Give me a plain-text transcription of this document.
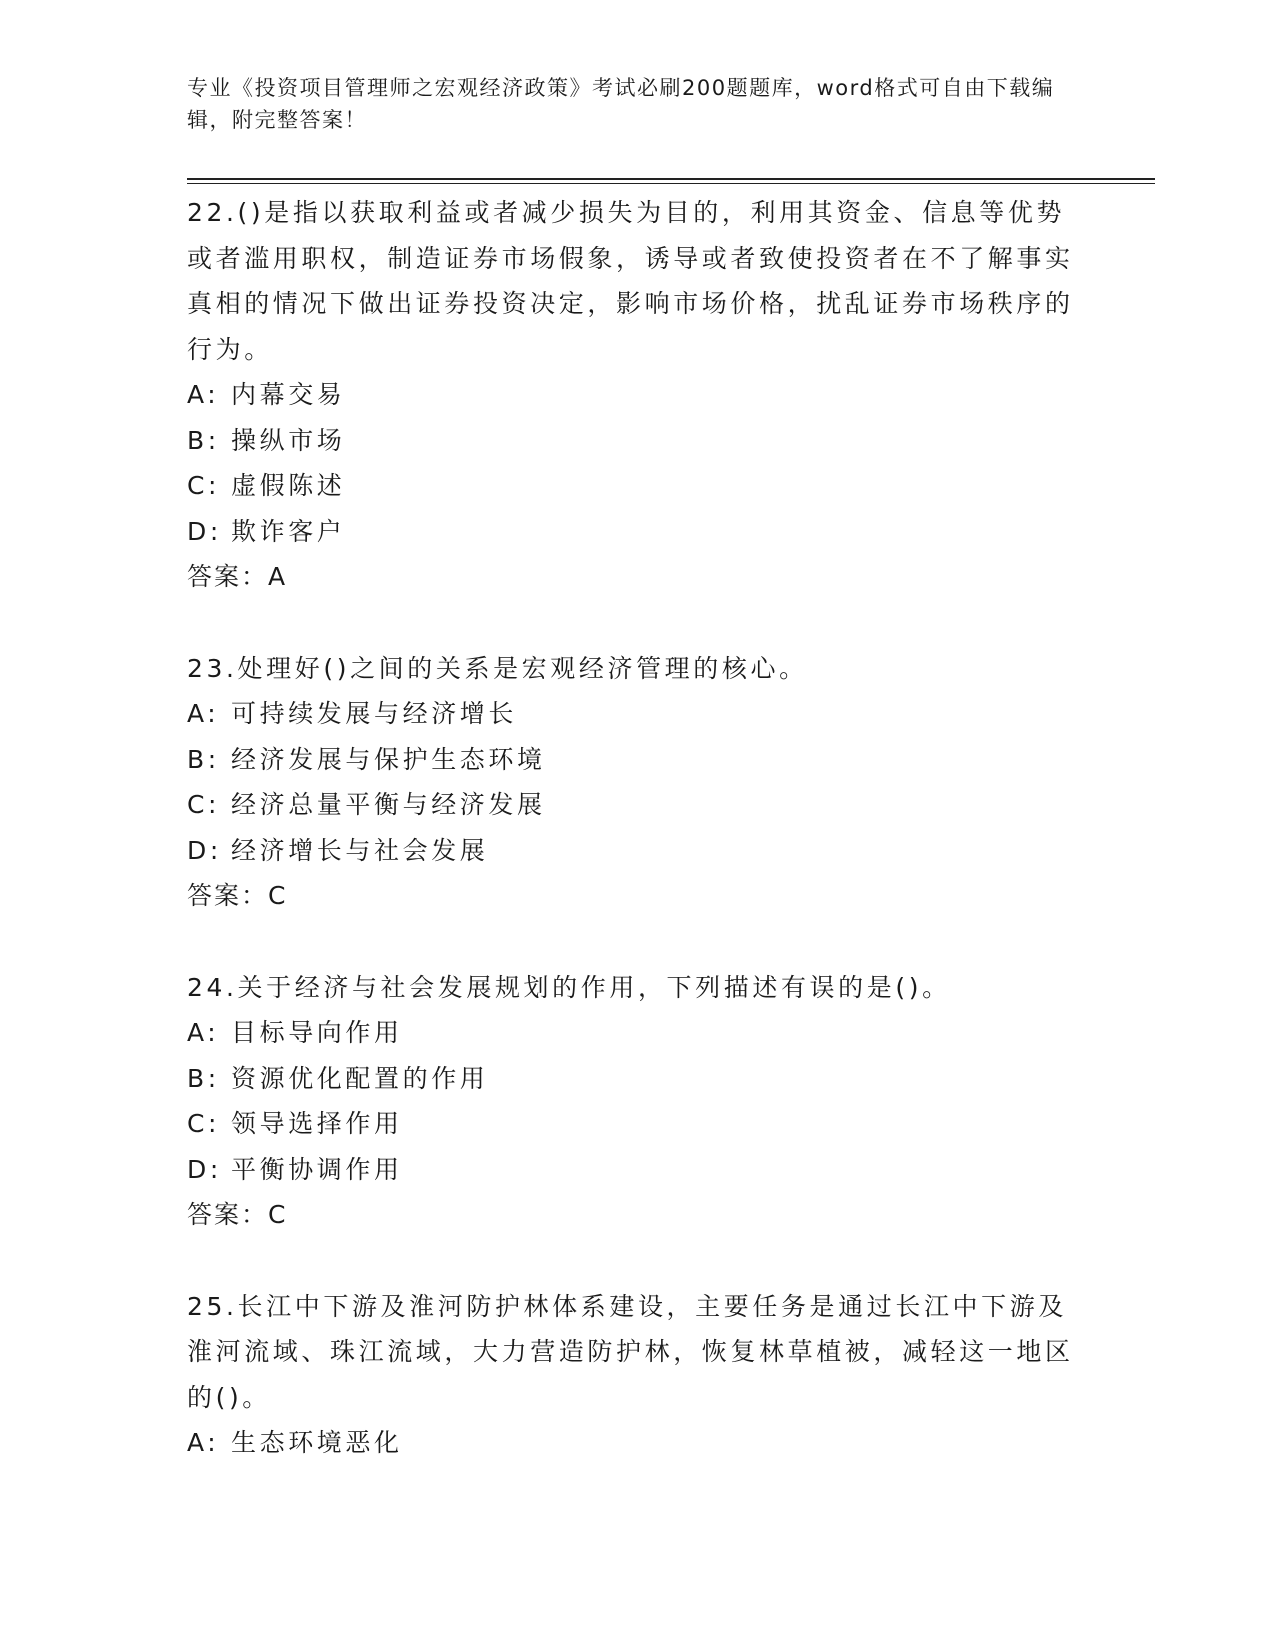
专业《投资项目管理师之宏观经济政策》考试必刷200题题库，word格式可自由下载编辑，附完整答案！
22.()是指以获取利益或者减少损失为目的，利用其资金、信息等优势或者滥用职权，制造证券市场假象，诱导或者致使投资者在不了解事实真相的情况下做出证券投资决定，影响市场价格，扰乱证券市场秩序的行为。
A: 内幕交易
B: 操纵市场
C: 虚假陈述
D: 欺诈客户
答案：A
23.处理好()之间的关系是宏观经济管理的核心。
A: 可持续发展与经济增长
B: 经济发展与保护生态环境
C: 经济总量平衡与经济发展
D: 经济增长与社会发展
答案：C
24.关于经济与社会发展规划的作用，下列描述有误的是()。
A: 目标导向作用
B: 资源优化配置的作用
C: 领导选择作用
D: 平衡协调作用
答案：C
25.长江中下游及淮河防护林体系建设，主要任务是通过长江中下游及淮河流域、珠江流域，大力营造防护林，恢复林草植被，减轻这一地区的()。
A: 生态环境恶化
